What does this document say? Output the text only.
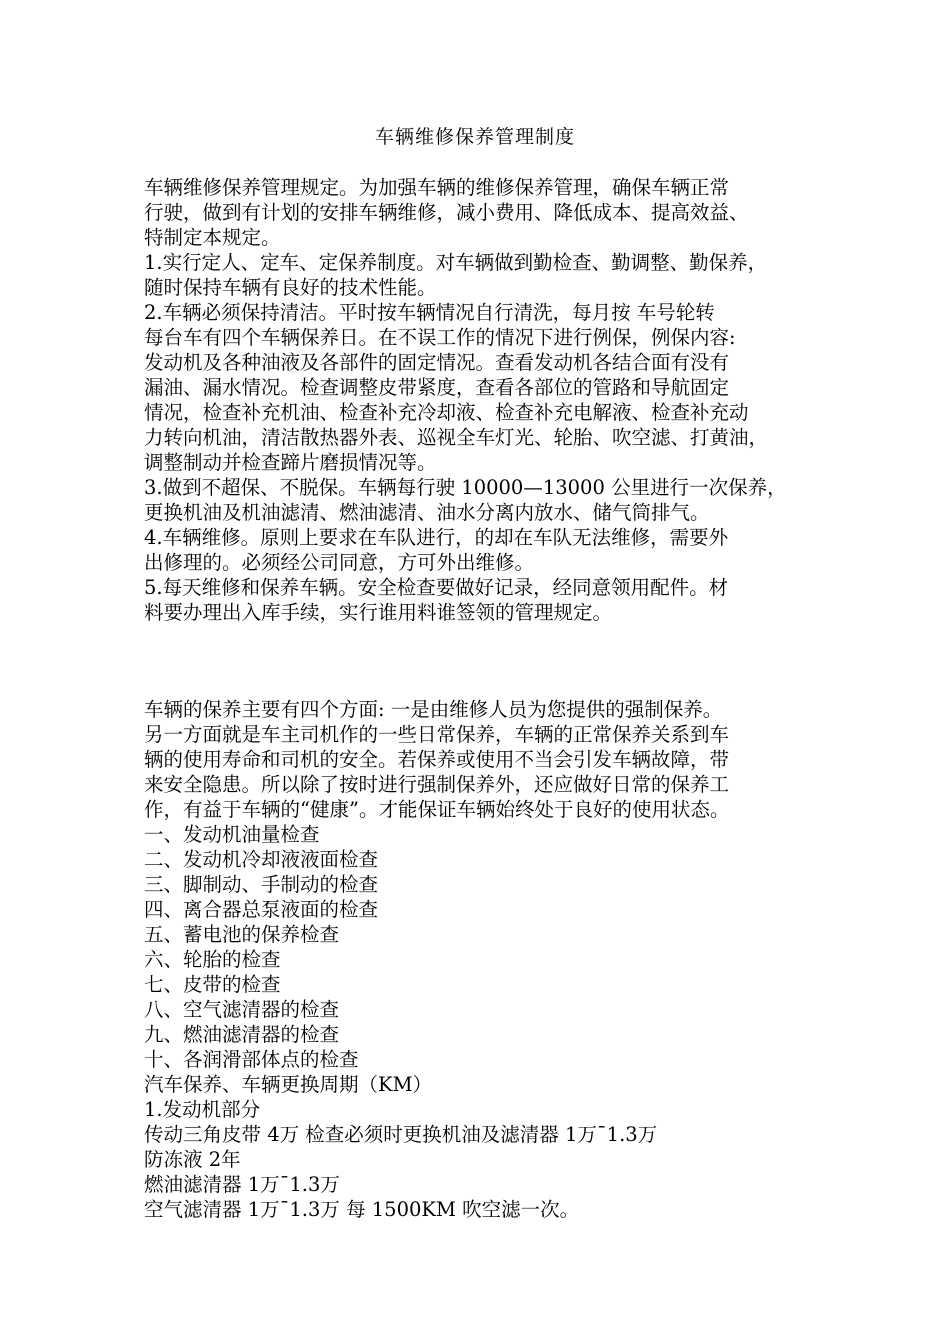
车辆维修保养管理制度
车辆维修保养管理规定。为加强车辆的维修保养管理，确保车辆正常
行驶，做到有计划的安排车辆维修，减小费用、降低成本、提高效益、
特制定本规定。
1.实行定人、定车、定保养制度。对车辆做到勤检查、勤调整、勤保养，
随时保持车辆有良好的技术性能。
2.车辆必须保持清洁。平时按车辆情况自行清洗，每月按 车号轮转
每台车有四个车辆保养日。在不误工作的情况下进行例保，例保内容:
发动机及各种油液及各部件的固定情况。查看发动机各结合面有没有
漏油、漏水情况。检查调整皮带紧度，查看各部位的管路和导航固定
情况，检查补充机油、检查补充冷却液、检查补充电解液、检查补充动
力转向机油，清洁散热器外表、巡视全车灯光、轮胎、吹空滤、打黄油，
调整制动并检查蹄片磨损情况等。
3.做到不超保、不脱保。车辆每行驶 10000—13000 公里进行一次保养，
更换机油及机油滤清、燃油滤清、油水分离内放水、储气筒排气。
4.车辆维修。原则上要求在车队进行，的却在车队无法维修，需要外
出修理的。必须经公司同意，方可外出维修。
5.每天维修和保养车辆。安全检查要做好记录，经同意领用配件。材
料要办理出入库手续，实行谁用料谁签领的管理规定。
车辆的保养主要有四个方面: 一是由维修人员为您提供的强制保养。
另一方面就是车主司机作的一些日常保养，车辆的正常保养关系到车
辆的使用寿命和司机的安全。若保养或使用不当会引发车辆故障，带
来安全隐患。所以除了按时进行强制保养外，还应做好日常的保养工
作，有益于车辆的“健康”。才能保证车辆始终处于良好的使用状态。
一、发动机油量检查
二、发动机冷却液液面检查
三、脚制动、手制动的检查
四、离合器总泵液面的检查
五、蓄电池的保养检查
六、轮胎的检查
七、皮带的检查
八、空气滤清器的检查
九、燃油滤清器的检查
十、各润滑部体点的检查
汽车保养、车辆更换周期（KM）
1.发动机部分
传动三角皮带 4万 检查必须时更换机油及滤清器 1万¯1.3万
防冻液 2年
燃油滤清器 1万¯1.3万
空气滤清器 1万¯1.3万 每 1500KM 吹空滤一次。
